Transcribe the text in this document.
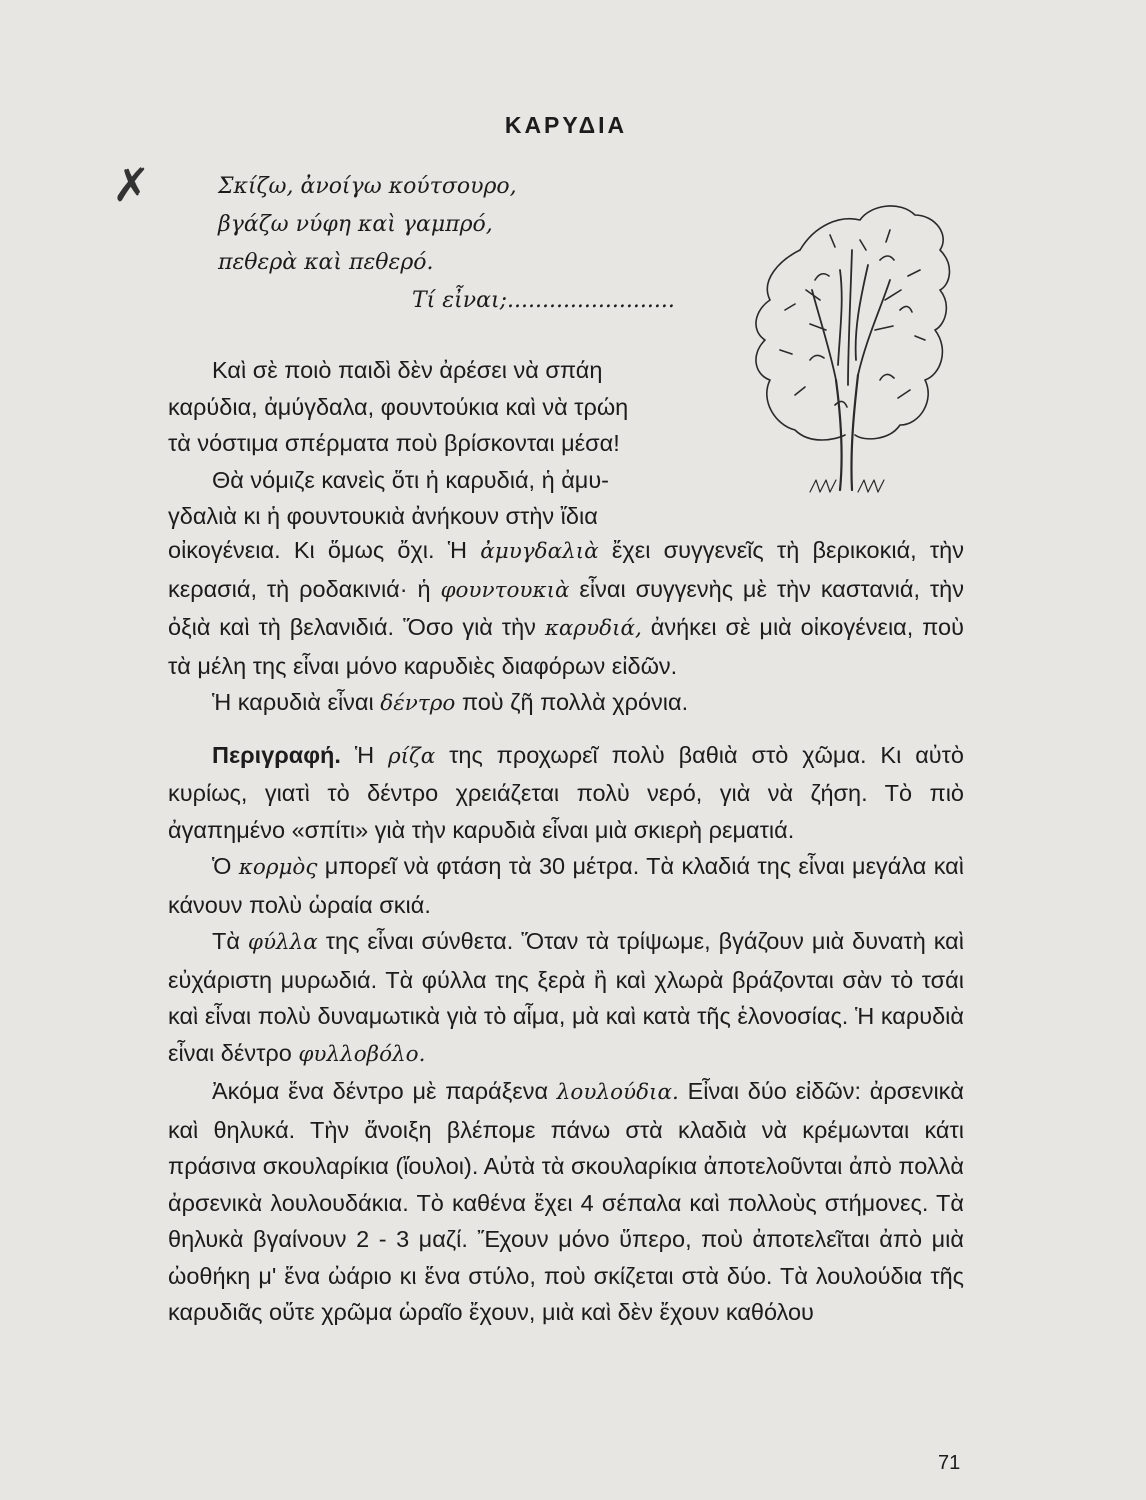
ΚΑΡΥΔΙΑ
✗	Σκίζω, ἀνοίγω κούτσουρο,
βγάζω νύφη καὶ γαμπρό,
πεθερὰ καὶ πεθερό.
Τί εἶναι;........................
Καὶ σὲ ποιὸ παιδὶ δὲν ἀρέσει νὰ σπάη
καρύδια, ἀμύγδαλα, φουντούκια καὶ νὰ τρώη
τὰ νόστιμα σπέρματα ποὺ βρίσκονται μέσα!
Θὰ νόμιζε κανεὶς ὅτι ἡ καρυδιά, ἡ ἀμυ-
γδαλιὰ κι ἡ φουντουκιὰ ἀνήκουν στὴν ἴδια

οἰκογένεια. Κι ὅμως ὄχι. Ἡ ἀμυγδαλιὰ ἔχει συγγενεῖς τὴ βερικοκιά, τὴν κερασιά, τὴ ροδακινιά· ἡ φουντουκιὰ εἶναι συγγενὴς μὲ τὴν καστανιά, τὴν ὀξιὰ καὶ τὴ βελανιδιά. Ὅσο γιὰ τὴν καρυδιά, ἀνήκει σὲ μιὰ οἰκογένεια, ποὺ τὰ μέλη της εἶναι μόνο καρυδιὲς διαφόρων εἰδῶν.

Ἡ καρυδιὰ εἶναι δέντρο ποὺ ζῆ πολλὰ χρόνια.

Περιγραφή. Ἡ ρίζα της προχωρεῖ πολὺ βαθιὰ στὸ χῶμα. Κι αὐτὸ κυρίως, γιατὶ τὸ δέντρο χρειάζεται πολὺ νερό, γιὰ νὰ ζήση. Τὸ πιὸ ἀγαπημένο «σπίτι» γιὰ τὴν καρυδιὰ εἶναι μιὰ σκιερὴ ρεματιά.

Ὁ κορμὸς μπορεῖ νὰ φτάση τὰ 30 μέτρα. Τὰ κλαδιά της εἶναι μεγάλα καὶ κάνουν πολὺ ὡραία σκιά.

Τὰ φύλλα της εἶναι σύνθετα. Ὅταν τὰ τρίψωμε, βγάζουν μιὰ δυνατὴ καὶ εὐχάριστη μυρωδιά. Τὰ φύλλα της ξερὰ ἢ καὶ χλωρὰ βράζονται σὰν τὸ τσάι καὶ εἶναι πολὺ δυναμωτικὰ γιὰ τὸ αἷμα, μὰ καὶ κατὰ τῆς ἑλονοσίας. Ἡ καρυδιὰ εἶναι δέντρο φυλλοβόλο.

Ἀκόμα ἕνα δέντρο μὲ παράξενα λουλούδια. Εἶναι δύο εἰδῶν: ἀρσενικὰ καὶ θηλυκά. Τὴν ἄνοιξη βλέπομε πάνω στὰ κλαδιὰ νὰ κρέμωνται κάτι πράσινα σκουλαρίκια (ἴουλοι). Αὐτὰ τὰ σκουλαρίκια ἀποτελοῦνται ἀπὸ πολλὰ ἀρσενικὰ λουλουδάκια. Τὸ καθένα ἔχει 4 σέπαλα καὶ πολλοὺς στήμονες. Τὰ θηλυκὰ βγαίνουν 2 - 3 μαζί. Ἔχουν μόνο ὕπερο, ποὺ ἀποτελεῖται ἀπὸ μιὰ ὠοθήκη μ' ἕνα ὠάριο κι ἕνα στύλο, ποὺ σκίζεται στὰ δύο. Τὰ λουλούδια τῆς καρυδιᾶς οὔτε χρῶμα ὡραῖο ἔχουν, μιὰ καὶ δὲν ἔχουν καθόλου

71
